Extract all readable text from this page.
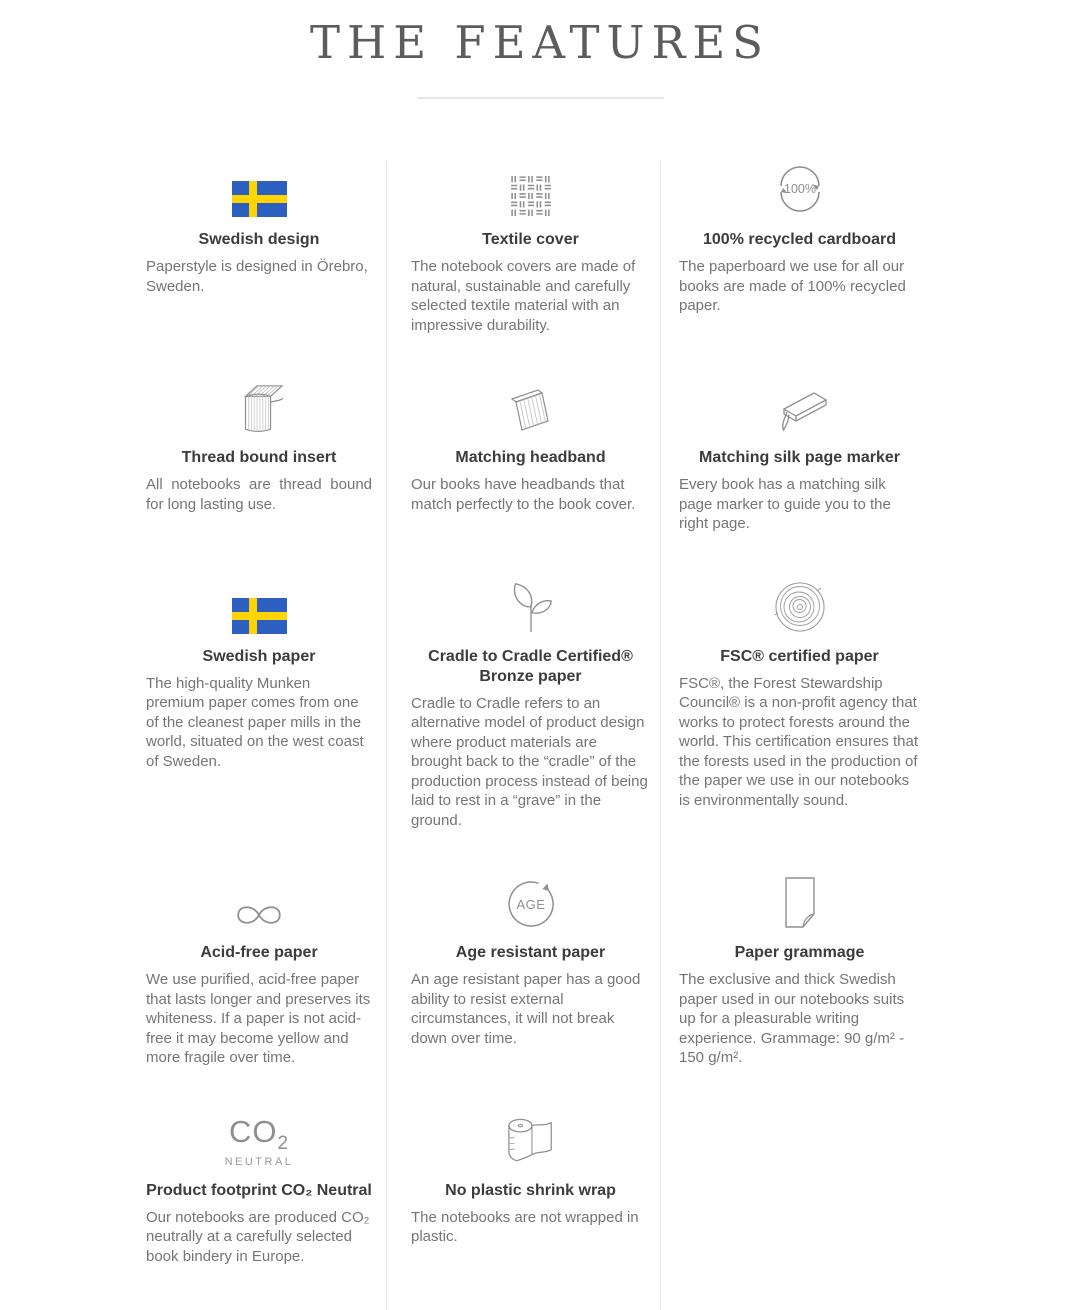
THE FEATURES
Swedish design

Paperstyle is designed in Örebro, Sweden.

Textile cover

The notebook covers are made of natural, sustainable and carefully selected textile material with an impressive durability.

100%
100% recycled cardboard

The paperboard we use for all our books are made of 100% recycled paper.

Thread bound insert

All notebooks are thread bound for long lasting use.

Matching headband

Our books have headbands that match perfectly to the book cover.

Matching silk page marker

Every book has a matching silk page marker to guide you to the right page.

Swedish paper

The high-quality Munken premium paper comes from one of the cleanest paper mills in the world, situated on the west coast of Sweden.

Cradle to Cradle Certified® Bronze paper

Cradle to Cradle refers to an alternative model of product design where product materials are brought back to the “cradle” of the production process instead of being laid to rest in a “grave” in the ground.

FSC® certified paper

FSC®, the Forest Stewardship Council® is a non-profit agency that works to protect forests around the world. This certification ensures that the forests used in the production of the paper we use in our notebooks is environmentally sound.

Acid-free paper

We use purified, acid-free paper that lasts longer and preserves its whiteness. If a paper is not acid-free it may become yellow and more fragile over time.

AGE
Age resistant paper

An age resistant paper has a good ability to resist external circumstances, it will not break down over time.

Paper grammage

The exclusive and thick Swedish paper used in our notebooks suits up for a pleasurable writing experience. Grammage: 90 g/m² - 150 g/m².

$CO_2$
NEUTRAL
Product footprint CO₂ Neutral

Our notebooks are produced CO₂ neutrally at a carefully selected book bindery in Europe.

No plastic shrink wrap

The notebooks are not wrapped in plastic.
